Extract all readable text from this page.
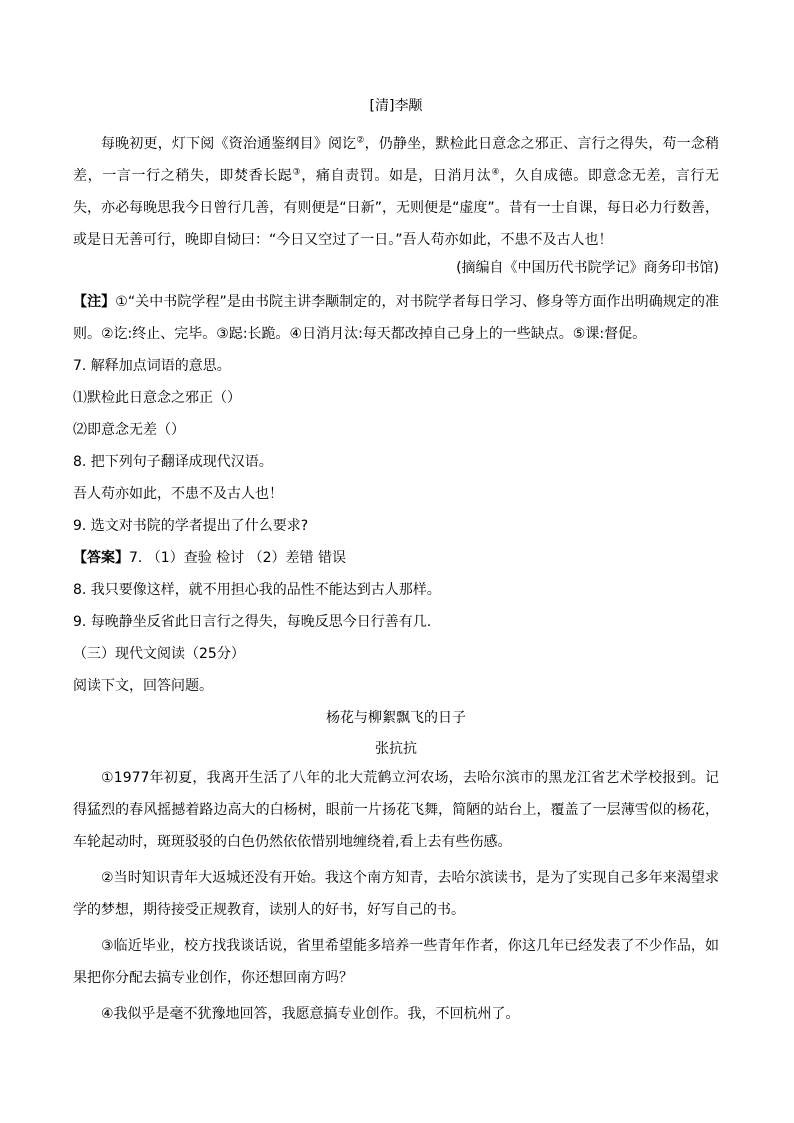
[清]李颙
每晚初更，灯下阅《资治通鉴纲目》阅讫②，仍静坐，默检此日意念之邪正、言行之得失，苟一念稍差，一言一行之稍失，即焚香长跽③，痛自责罚。如是，日消月汰④，久自成德。即意念无差，言行无失，亦必每晚思我今日曾行几善，有则便是“日新”，无则便是“虚度”。昔有一士自课，每日必力行数善，或是日无善可行，晚即自恸曰：“今日又空过了一日。”吾人苟亦如此，不患不及古人也！
(摘编自《中国历代书院学记》商务印书馆)
【注】①“关中书院学程”是由书院主讲李颙制定的，对书院学者每日学习、修身等方面作出明确规定的准则。②讫:终止、完毕。③跽:长跪。④日消月汰:每天都改掉自己身上的一些缺点。⑤课:督促。
7. 解释加点词语的意思。
⑴默检此日意念之邪正（）
⑵即意念无差（）
8. 把下列句子翻译成现代汉语。
吾人苟亦如此，不患不及古人也！
9. 选文对书院的学者提出了什么要求?
【答案】7. （1）查验 检讨 （2）差错 错误
8. 我只要像这样，就不用担心我的品性不能达到古人那样。
9. 每晚静坐反省此日言行之得失，每晚反思今日行善有几.
（三）现代文阅读（25分）
阅读下文，回答问题。
杨花与柳絮飘飞的日子
张抗抗
①1977年初夏，我离开生活了八年的北大荒鹤立河农场，去哈尔滨市的黑龙江省艺术学校报到。记得猛烈的春风摇撼着路边高大的白杨树，眼前一片扬花飞舞，简陋的站台上，覆盖了一层薄雪似的杨花，车轮起动时，斑斑驳驳的白色仍然依依惜别地缠绕着,看上去有些伤感。
②当时知识青年大返城还没有开始。我这个南方知青，去哈尔滨读书，是为了实现自己多年来渴望求学的梦想，期待接受正规教育，读别人的好书，好写自己的书。
③临近毕业，校方找我谈话说，省里希望能多培养一些青年作者，你这几年已经发表了不少作品，如果把你分配去搞专业创作，你还想回南方吗？
④我似乎是毫不犹豫地回答，我愿意搞专业创作。我，不回杭州了。
